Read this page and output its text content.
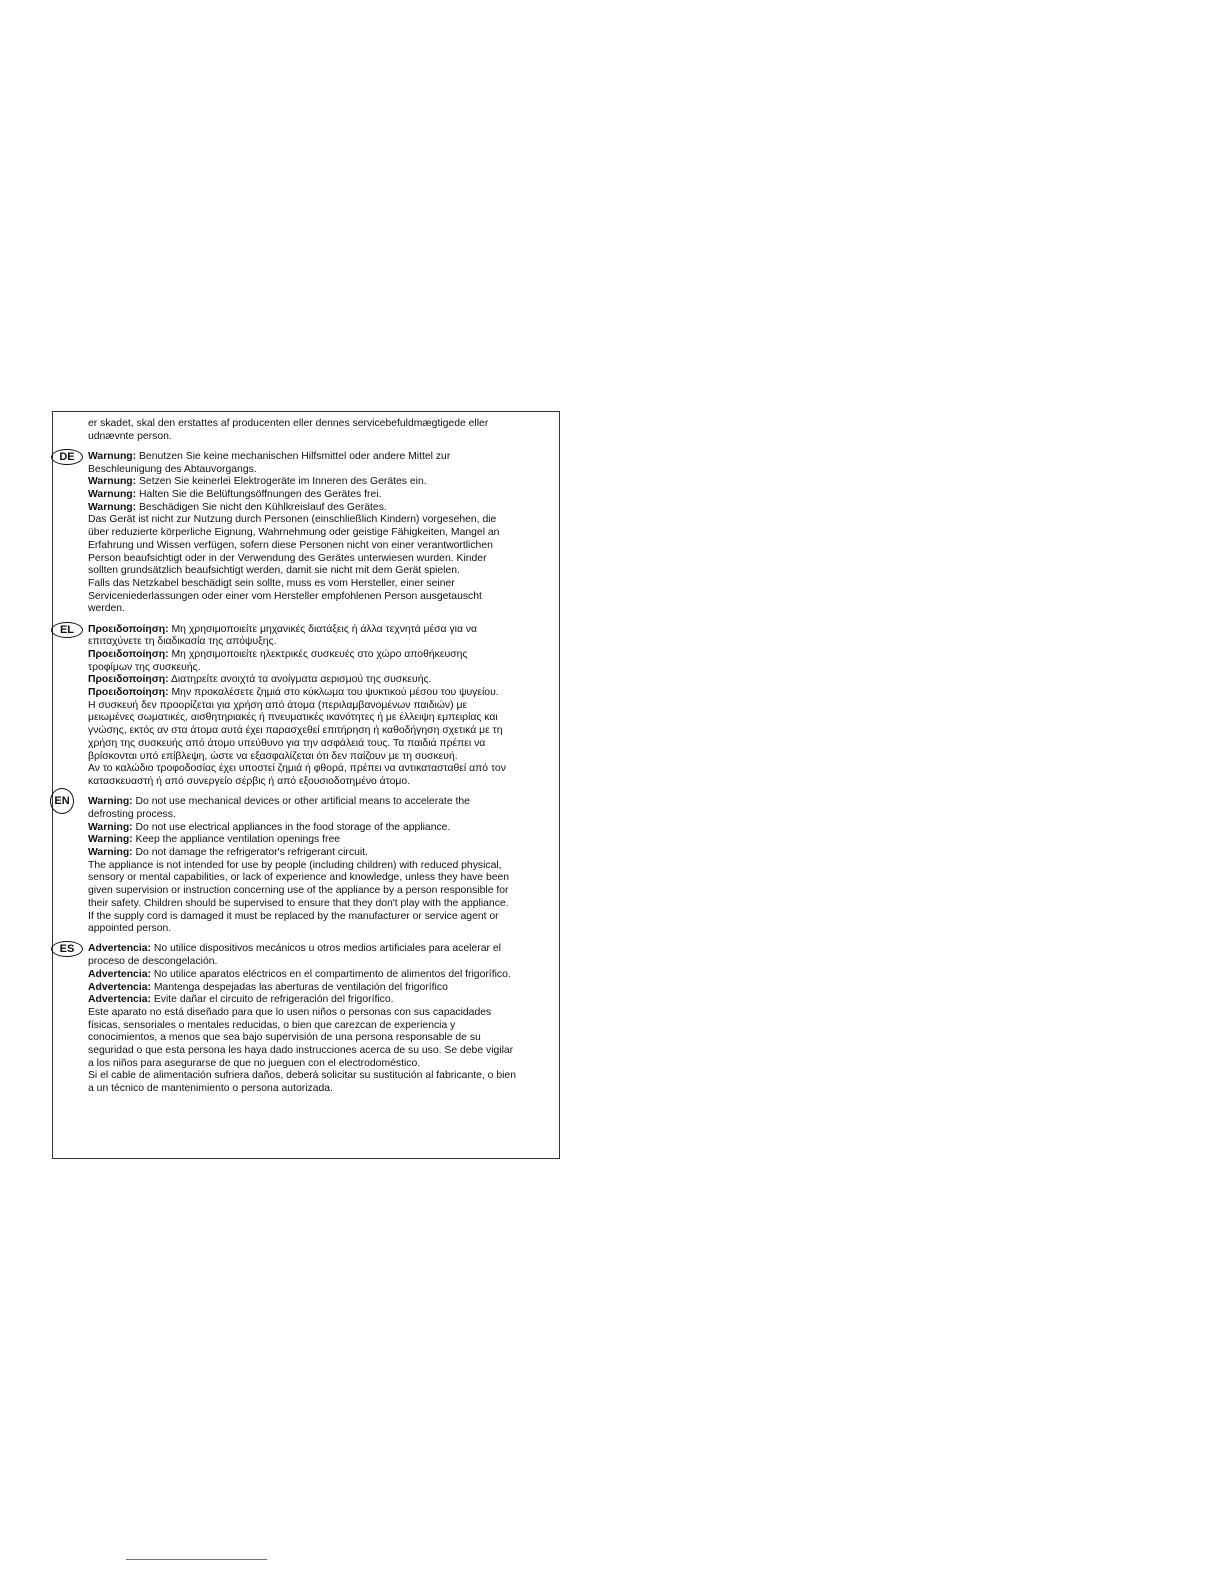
er skadet, skal den erstattes af producenten eller dennes servicebefuldmægtigede eller
udnævnte person.
DE	Warnung: Benutzen Sie keine mechanischen Hilfsmittel oder andere Mittel zur
Beschleunigung des Abtauvorgangs.
Warnung: Setzen Sie keinerlei Elektrogeräte im Inneren des Gerätes ein.
Warnung: Halten Sie die Belüftungsöffnungen des Gerätes frei.
Warnung: Beschädigen Sie nicht den Kühlkreislauf des Gerätes.
Das Gerät ist nicht zur Nutzung durch Personen (einschließlich Kindern) vorgesehen, die
über reduzierte körperliche Eignung, Wahrnehmung oder geistige Fähigkeiten, Mangel an
Erfahrung und Wissen verfügen, sofern diese Personen nicht von einer verantwortlichen
Person beaufsichtigt oder in der Verwendung des Gerätes unterwiesen wurden. Kinder
sollten grundsätzlich beaufsichtigt werden, damit sie nicht mit dem Gerät spielen.
Falls das Netzkabel beschädigt sein sollte, muss es vom Hersteller, einer seiner
Serviceniederlassungen oder einer vom Hersteller empfohlenen Person ausgetauscht
werden.
EL	Προειδοποίηση: Μη χρησιμοποιείτε μηχανικές διατάξεις ή άλλα τεχνητά μέσα για να
επιταχύνετε τη διαδικασία της απόψυξης.
Προειδοποίηση: Μη χρησιμοποιείτε ηλεκτρικές συσκευές στο χώρο αποθήκευσης
τροφίμων της συσκευής.
Προειδοποίηση: Διατηρείτε ανοιχτά τα ανοίγματα αερισμού της συσκευής.
Προειδοποίηση: Μην προκαλέσετε ζημιά στο κύκλωμα του ψυκτικού μέσου του ψυγείου.
Η συσκευή δεν προορίζεται για χρήση από άτομα (περιλαμβανομένων παιδιών) με
μειωμένες σωματικές, αισθητηριακές ή πνευματικές ικανότητες ή με έλλειψη εμπειρίας και
γνώσης, εκτός αν στα άτομα αυτά έχει παρασχεθεί επιτήρηση ή καθοδήγηση σχετικά με τη
χρήση της συσκευής από άτομο υπεύθυνο για την ασφάλειά τους. Τα παιδιά πρέπει να
βρίσκονται υπό επίβλεψη, ώστε να εξασφαλίζεται ότι δεν παίζουν με τη συσκευή.
Αν το καλώδιο τροφοδοσίας έχει υποστεί ζημιά ή φθορά, πρέπει να αντικατασταθεί από τον
κατασκευαστή ή από συνεργείο σέρβις ή από εξουσιοδοτημένο άτομο.
EN	Warning: Do not use mechanical devices or other artificial means to accelerate the
defrosting process.
Warning: Do not use electrical appliances in the food storage of the appliance.
Warning: Keep the appliance ventilation openings free
Warning: Do not damage the refrigerator's refrigerant circuit.
The appliance is not intended for use by people (including children) with reduced physical,
sensory or mental capabilities, or lack of experience and knowledge, unless they have been
given supervision or instruction concerning use of the appliance by a person responsible for
their safety. Children should be supervised to ensure that they don't play with the appliance.
If the supply cord is damaged it must be replaced by the manufacturer or service agent or
appointed person.
ES	Advertencia: No utilice dispositivos mecánicos u otros medios artificiales para acelerar el
proceso de descongelación.
Advertencia: No utilice aparatos eléctricos en el compartimento de alimentos del frigorífico.
Advertencia: Mantenga despejadas las aberturas de ventilación del frigorífico
Advertencia: Evite dañar el circuito de refrigeración del frigorífico.
Este aparato no está diseñado para que lo usen niños o personas con sus capacidades
físicas, sensoriales o mentales reducidas, o bien que carezcan de experiencia y
conocimientos, a menos que sea bajo supervisión de una persona responsable de su
seguridad o que esta persona les haya dado instrucciones acerca de su uso. Se debe vigilar
a los niños para asegurarse de que no jueguen con el electrodoméstico.
Si el cable de alimentación sufriera daños, deberá solicitar su sustitución al fabricante, o bien
a un técnico de mantenimiento o persona autorizada.
